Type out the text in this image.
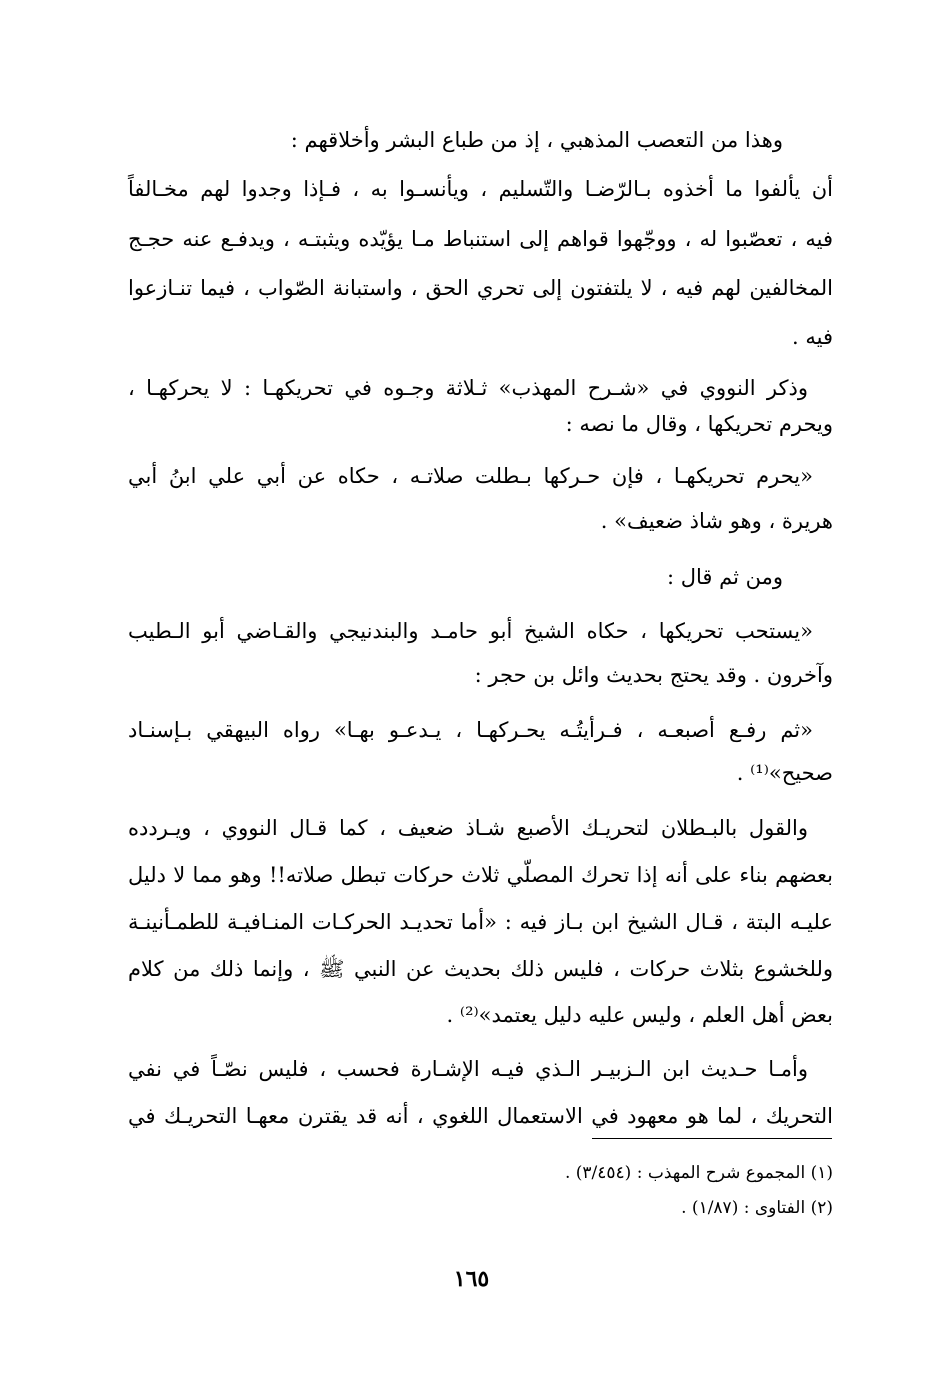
وهذا من التعصب المذهبي ، إذ من طباع البشر وأخلاقهم :
أن يألفوا ما أخذوه بـالرّضـا والتّسليم ، ويأنسـوا به ، فـإذا وجدوا لهم مخـالفاً
فيه ، تعصّبوا له ، ووجّهوا قواهم إلى استنباط مـا يؤيّده ويثبتـه ، ويدفـع عنه حجـج
المخالفين لهم فيه ، لا يلتفتون إلى تحري الحق ، واستبانة الصّواب ، فيما تنـازعوا
فيه .
وذكر النووي في «شـرح المهذب» ثـلاثة وجـوه في تحريكهـا : لا يحركهـا ،
ويحرم تحريكها ، وقال ما نصه :
«يحرم تحريكهـا ، فإن حـركها بـطلت صلاتـه ، حكاه عن أبي علي ابنُ أبي
هريرة ، وهو شاذ ضعيف» .
ومن ثم قال :
«يستحب تحريكها ، حكاه الشيخ أبو حامـد والبندنيجي والقـاضي أبو الـطيب
وآخرون . وقد يحتج بحديث وائل بن حجر :
«ثم رفـع أصبعـه ، فـرأيتُـه يحـركهـا ، يـدعـو بهـا» رواه البيهقي بـإسنـاد
صحيح»⁽¹⁾ .
والقول بالبـطلان لتحريـك الأصبع شـاذ ضعيف ، كما قـال النووي ، ويـردده
بعضهم بناء على أنه إذا تحرك المصلّي ثلاث حركات تبطل صلاته!! وهو مما لا دليل
عليـه البتة ، قـال الشيخ ابن بـاز فيه : «أما تحديـد الحركـات المنـافيـة للطمـأنينـة
وللخشوع بثلاث حركات ، فليس ذلك بحديث عن النبي ﷺ ، وإنما ذلك من كلام
بعض أهل العلم ، وليس عليه دليل يعتمد»⁽²⁾ .
وأمـا حـديث ابن الـزبيـر الـذي فيـه الإشـارة فحسب ، فليس نصّـاً في نفي
التحريك ، لما هو معهود في الاستعمال اللغوي ، أنه قد يقترن معهـا التحريـك في
(١) المجموع شرح المهذب : (٣/٤٥٤) .
(٢) الفتاوى : (١/٨٧) .
١٦٥
